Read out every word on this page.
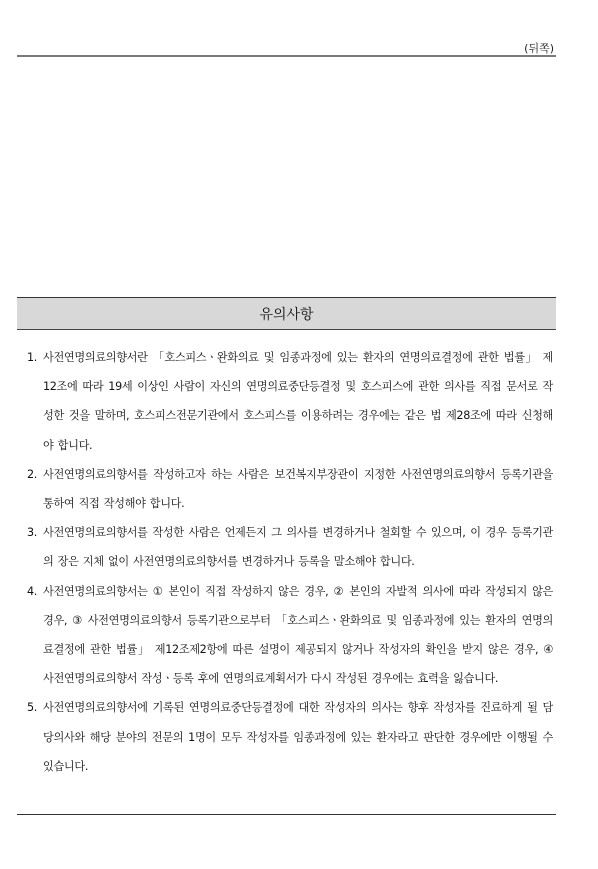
(뒤쪽)
유의사항
1. 사전연명의료의향서란 「호스피스ㆍ완화의료 및 임종과정에 있는 환자의 연명의료결정에 관한 법률」 제12조에 따라 19세 이상인 사람이 자신의 연명의료중단등결정 및 호스피스에 관한 의사를 직접 문서로 작성한 것을 말하며, 호스피스전문기관에서 호스피스를 이용하려는 경우에는 같은 법 제28조에 따라 신청해야 합니다.
2. 사전연명의료의향서를 작성하고자 하는 사람은 보건복지부장관이 지정한 사전연명의료의향서 등록기관을 통하여 직접 작성해야 합니다.
3. 사전연명의료의향서를 작성한 사람은 언제든지 그 의사를 변경하거나 철회할 수 있으며, 이 경우 등록기관의 장은 지체 없이 사전연명의료의향서를 변경하거나 등록을 말소해야 합니다.
4. 사전연명의료의향서는 ① 본인이 직접 작성하지 않은 경우, ② 본인의 자발적 의사에 따라 작성되지 않은 경우, ③ 사전연명의료의향서 등록기관으로부터 「호스피스ㆍ완화의료 및 임종과정에 있는 환자의 연명의료결정에 관한 법률」 제12조제2항에 따른 설명이 제공되지 않거나 작성자의 확인을 받지 않은 경우, ④ 사전연명의료의향서 작성ㆍ등록 후에 연명의료계획서가 다시 작성된 경우에는 효력을 잃습니다.
5. 사전연명의료의향서에 기록된 연명의료중단등결정에 대한 작성자의 의사는 향후 작성자를 진료하게 될 담당의사와 해당 분야의 전문의 1명이 모두 작성자를 임종과정에 있는 환자라고 판단한 경우에만 이행될 수 있습니다.
